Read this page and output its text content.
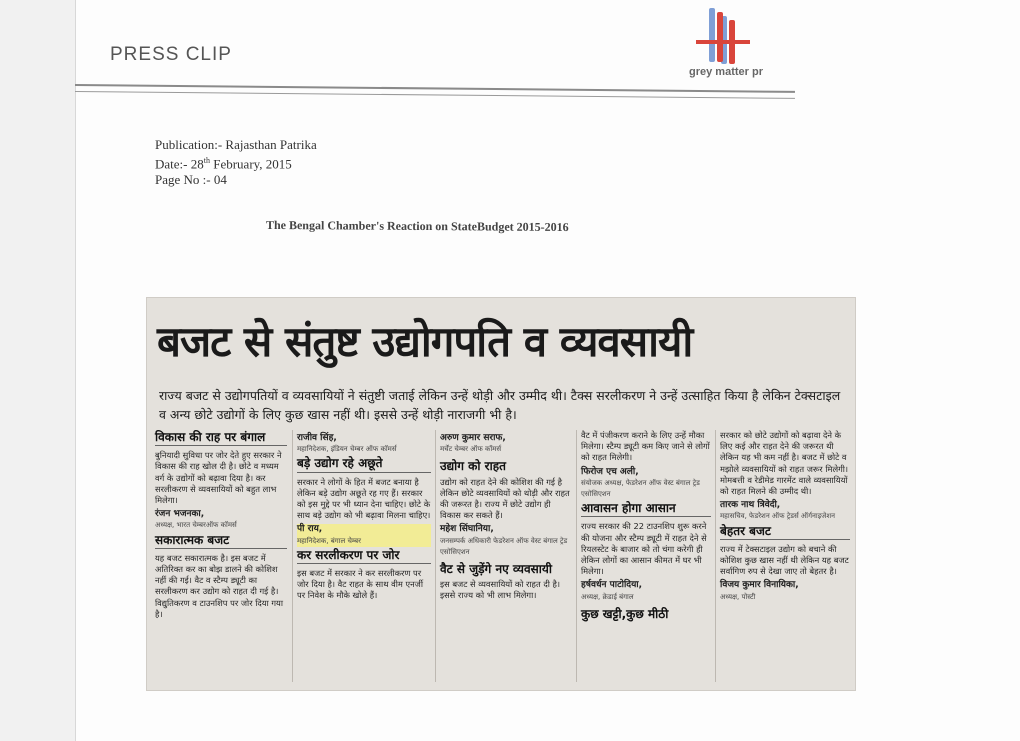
PRESS CLIP
grey matter pr
Publication:- Rajasthan Patrika
Date:- 28th February, 2015
Page No :- 04
The Bengal Chamber's Reaction on StateBudget 2015-2016
बजट से संतुष्ट उद्योगपति व व्यवसायी
राज्य बजट से उद्योगपतियों व व्यवसायियों ने संतुष्टी जताई लेकिन उन्हें थोड़ी और उम्मीद थी। टैक्स सरलीकरण ने उन्हें उत्साहित किया है लेकिन टेक्सटाइल व अन्य छोटे उद्योगों के लिए कुछ खास नहीं थी। इससे उन्हें थोड़ी नाराजगी भी है।
विकास की राह पर बंगाल
बुनियादी सुविधा पर जोर देते हुए सरकार ने विकास की राह खोल दी है। छोटे व मध्यम वर्ग के उद्योगों को बढ़ावा दिया है। कर सरलीकरण से व्यवसायियों को बहुत लाभ मिलेगा।
रंजन भजनका,
अध्यक्ष, भारत चेम्बरऑफ कॉमर्स
सकारात्मक बजट
यह बजट सकारात्मक है। इस बजट में अतिरिक्त कर का बोझ डालने की कोशिश नहीं की गई। वैट व स्टैम्प ड्यूटी का सरलीकरण कर उद्योग को राहत दी गई है। विद्युतिकरण व टाउनशिप पर जोर दिया गया है।
राजीव सिंह,
महानिदेशक, इंडियन चेम्बर ऑफ कॉमर्स
बड़े उद्योग रहे अछूते
सरकार ने लोगों के हित में बजट बनाया है लेकिन बड़े उद्योग अछूते रह गए हैं। सरकार को इस मुद्दे पर भी ध्यान देना चाहिए। छोटे के साथ बड़े उद्योग को भी बढ़ावा मिलना चाहिए।
पी राय,
महानिदेशक, बंगाल चेम्बर
कर सरलीकरण पर जोर
इस बजट में सरकार ने कर सरलीकरण पर जोर दिया है। वैट राहत के साथ वीम एनर्जी पर निवेश के मौके खोले हैं।
अरुण कुमार सराफ,
मर्चेंट चेम्बर ऑफ कॉमर्स
उद्योग को राहत
उद्योग को राहत देने की कोशिश की गई है लेकिन छोटे व्यवसायियों को थोड़ी और राहत की जरूरत है। राज्य में छोटे उद्योग ही विकास कर सकते हैं।
महेश सिंघानिया,
जनसम्पर्क अधिकारी फेडरेशन ऑफ वेस्ट बंगाल ट्रेड एसोसिएशन
वैट से जुड़ेंगे नए व्यवसायी
इस बजट से व्यवसायियों को राहत दी है। इससे राज्य को भी लाभ मिलेगा।
वैट में पंजीकरण कराने के लिए उन्हें मौका मिलेगा। स्टैम्प ड्यूटी कम किए जाने से लोगों को राहत मिलेगी।
फिरोज एच अली,
संयोजक अध्यक्ष, फेडरेशन ऑफ वेस्ट बंगाल ट्रेड एसोसिएशन
आवासन होगा आसान
राज्य सरकार की 22 टाउनशिप शुरू करने की योजना और स्टैम्प ड्यूटी में राहत देने से रियलस्टेट के बाजार को तो चंगा करेगी ही लेकिन लोगों का आसान कीमत में घर भी मिलेगा।
हर्षवर्धन पाटोदिया,
अध्यक्ष, क्रेडाई बंगाल
कुछ खट्टी,कुछ मीठी
सरकार को छोटे उद्योगों को बढ़ावा देने के लिए कई और राहत देने की जरूरत थी लेकिन यह भी कम नहीं है। बजट में छोटे व मझोले व्यवसायियों को राहत जरूर मिलेगी। मोमबत्ती व रेडीमेड गारमेंट वाले व्यवसायियों को राहत मिलने की उम्मीद थी।
तारक नाथ त्रिवेदी,
महासचिव, फेडरेशन ऑफ ट्रेडर्स ऑर्गनाइजेशन
बेहतर बजट
राज्य में टेक्सटाइल उद्योग को बचाने की कोशिश कुछ खास नहीं थी लेकिन यह बजट सर्वागिण रुप से देखा जाए तो बेहतर है।
विजय कुमार विनायिका,
अध्यक्ष, पोस्टी
